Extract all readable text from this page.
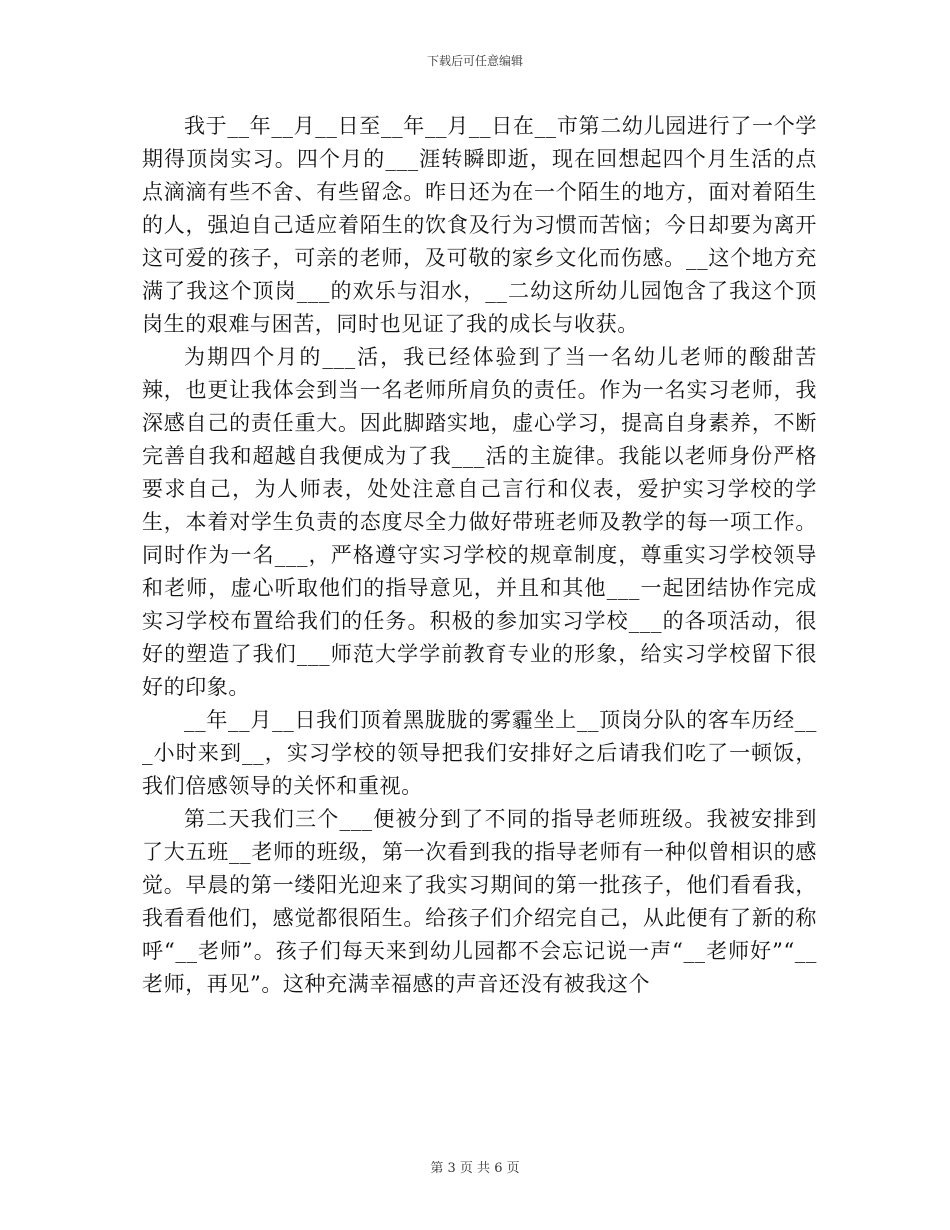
下载后可任意编辑

我于__年__月__日至__年__月__日在__市第二幼儿园进行了一个学期得顶岗实习。四个月的___涯转瞬即逝，现在回想起四个月生活的点点滴滴有些不舍、有些留念。昨日还为在一个陌生的地方，面对着陌生的人，强迫自己适应着陌生的饮食及行为习惯而苦恼；今日却要为离开这可爱的孩子，可亲的老师，及可敬的家乡文化而伤感。__这个地方充满了我这个顶岗___的欢乐与泪水，__二幼这所幼儿园饱含了我这个顶岗生的艰难与困苦，同时也见证了我的成长与收获。

为期四个月的___活，我已经体验到了当一名幼儿老师的酸甜苦辣，也更让我体会到当一名老师所肩负的责任。作为一名实习老师，我深感自己的责任重大。因此脚踏实地，虚心学习，提高自身素养，不断完善自我和超越自我便成为了我___活的主旋律。我能以老师身份严格要求自己，为人师表，处处注意自己言行和仪表，爱护实习学校的学生，本着对学生负责的态度尽全力做好带班老师及教学的每一项工作。同时作为一名___，严格遵守实习学校的规章制度，尊重实习学校领导和老师，虚心听取他们的指导意见，并且和其他___一起团结协作完成实习学校布置给我们的任务。积极的参加实习学校___的各项活动，很好的塑造了我们___师范大学学前教育专业的形象，给实习学校留下很好的印象。

__年__月__日我们顶着黑胧胧的雾霾坐上__顶岗分队的客车历经___小时来到__，实习学校的领导把我们安排好之后请我们吃了一顿饭，我们倍感领导的关怀和重视。

第二天我们三个___便被分到了不同的指导老师班级。我被安排到了大五班__老师的班级，第一次看到我的指导老师有一种似曾相识的感觉。早晨的第一缕阳光迎来了我实习期间的第一批孩子，他们看看我，我看看他们，感觉都很陌生。给孩子们介绍完自己，从此便有了新的称呼“__老师”。孩子们每天来到幼儿园都不会忘记说一声“__老师好”“__老师，再见”。这种充满幸福感的声音还没有被我这个

第 3 页 共 6 页
